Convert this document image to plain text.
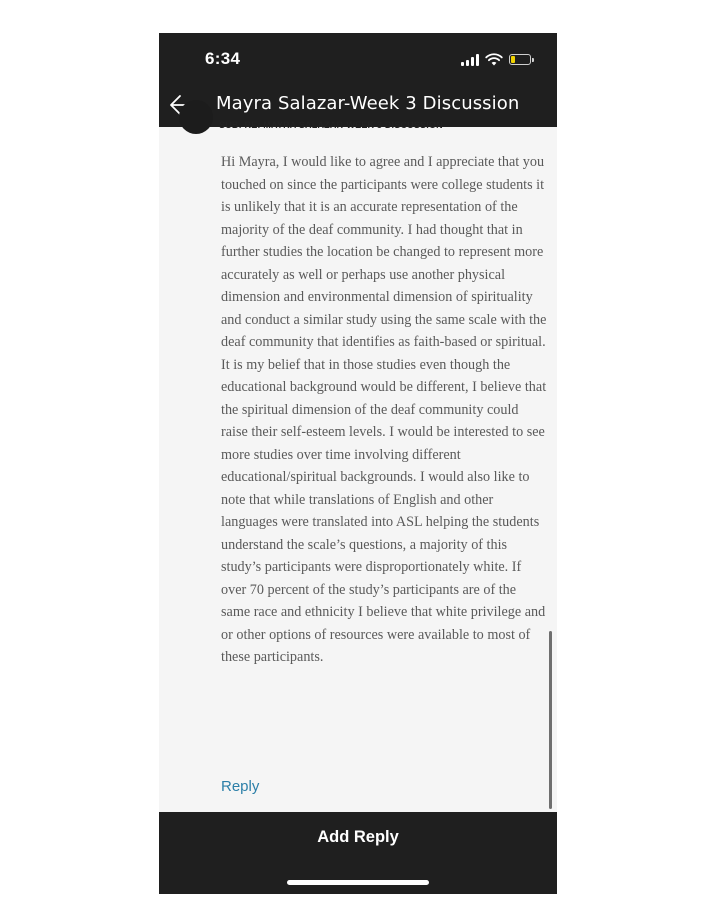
6:34
Mayra Salazar-Week 3 Discussion
SUB: RE: MAYRA SALAZAR-WEEK 3 DISCUSSION

Hi Mayra, I would like to agree and I appreciate that you touched on since the participants were college students it is unlikely that it is an accurate representation of the majority of the deaf community. I had thought that in further studies the location be changed to represent more accurately as well or perhaps use another physical dimension and environmental dimension of spirituality and conduct a similar study using the same scale with the deaf community that identifies as faith-based or spiritual. It is my belief that in those studies even though the educational background would be different, I believe that the spiritual dimension of the deaf community could raise their self-esteem levels. I would be interested to see more studies over time involving different educational/spiritual backgrounds. I would also like to note that while translations of English and other languages were translated into ASL helping the students understand the scale’s questions, a majority of this study’s participants were disproportionately white. If over 70 percent of the study’s participants are of the same race and ethnicity I believe that white privilege and or other options of resources were available to most of these participants.

Reply
Add Reply
